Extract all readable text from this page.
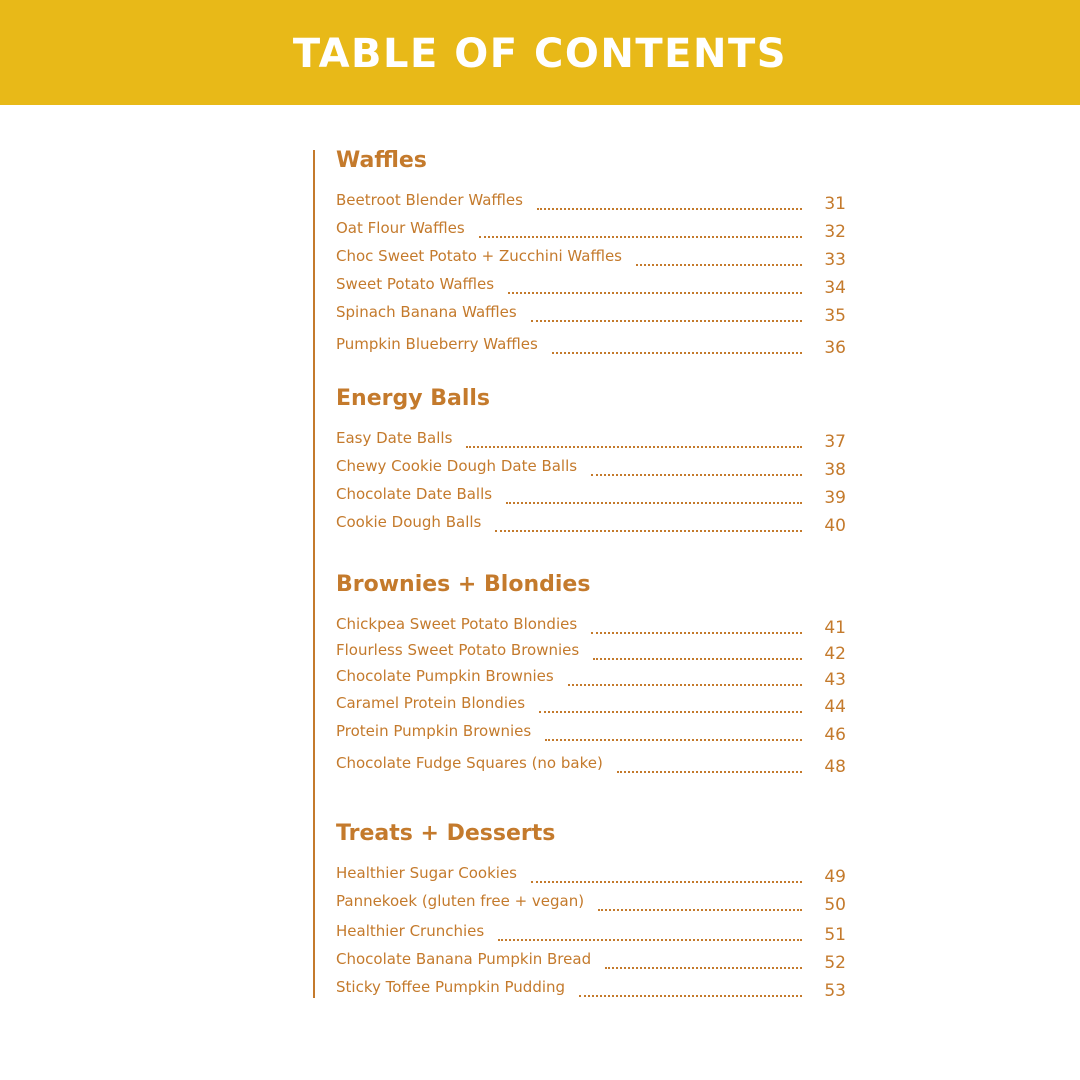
TABLE OF CONTENTS
Waffles
Beetroot Blender Waffles	31
Oat Flour Waffles	32
Choc Sweet Potato + Zucchini Waffles	33
Sweet Potato Waffles	34
Spinach Banana Waffles	35
Pumpkin Blueberry Waffles	36
Energy Balls
Easy Date Balls	37
Chewy Cookie Dough Date Balls	38
Chocolate Date Balls	39
Cookie Dough Balls	40
Brownies + Blondies
Chickpea Sweet Potato Blondies	41
Flourless Sweet Potato Brownies	42
Chocolate Pumpkin Brownies	43
Caramel Protein Blondies	44
Protein Pumpkin Brownies	46
Chocolate Fudge Squares (no bake)	48
Treats + Desserts
Healthier Sugar Cookies	49
Pannekoek (gluten free + vegan)	50
Healthier Crunchies	51
Chocolate Banana Pumpkin Bread	52
Sticky Toffee Pumpkin Pudding	53
